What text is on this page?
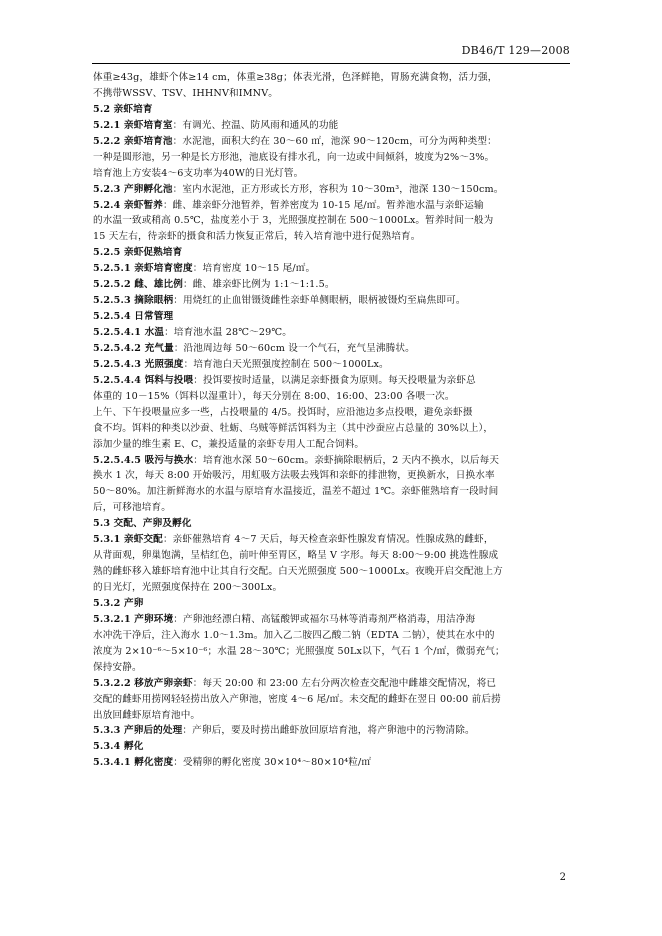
DB46/T 129—2008
体重≥43g，雄虾个体≥14 cm，体重≥38g；体表光滑，色泽鲜艳，胃肠充满食物，活力强，
不携带WSSV、TSV、IHHNV和IMNV。
5.2 亲虾培育
5.2.1 亲虾培育室：有调光、控温、防风雨和通风的功能
5.2.2 亲虾培育池：水泥池，面积大约在 30～60 ㎡，池深 90～120cm，可分为两种类型：
一种是圆形池，另一种是长方形池，池底设有排水孔，向一边或中间倾斜，坡度为2%～3%。
培育池上方安装4～6支功率为40W的日光灯管。
5.2.3 产卵孵化池：室内水泥池，正方形或长方形，容积为 10～30m³，池深 130～150cm。
5.2.4 亲虾暂养：雌、雄亲虾分池暂养，暂养密度为 10-15 尾/㎡。暂养池水温与亲虾运输
的水温一致或稍高 0.5℃，盐度差小于 3，光照强度控制在 500～1000Lx。暂养时间一般为
15 天左右，待亲虾的摄食和活力恢复正常后，转入培育池中进行促熟培育。
5.2.5 亲虾促熟培育
5.2.5.1 亲虾培育密度：培育密度 10～15 尾/㎡。
5.2.5.2 雌、雄比例：雌、雄亲虾比例为 1:1～1:1.5。
5.2.5.3 摘除眼柄：用烧红的止血钳镊烫雌性亲虾单侧眼柄，眼柄被镊灼至扁焦即可。
5.2.5.4 日常管理
5.2.5.4.1 水温：培育池水温 28℃～29℃。
5.2.5.4.2 充气量：沿池周边每 50～60cm 设一个气石，充气呈沸腾状。
5.2.5.4.3 光照强度：培育池白天光照强度控制在 500～1000Lx。
5.2.5.4.4 饵料与投喂：投饵要按时适量，以满足亲虾摄食为原则。每天投喂量为亲虾总
体重的 10－15%（饵料以湿重计），每天分别在 8:00、16:00、23:00 各喂一次。
上午、下午投喂量应多一些，占投喂量的 4/5。投饵时，应沿池边多点投喂，避免亲虾摄
食不均。饵料的种类以沙蚕、牡蛎、乌贼等鲜活饵料为主（其中沙蚕应占总量的 30%以上），
添加少量的维生素 E、C，兼投适量的亲虾专用人工配合饲料。
5.2.5.4.5 吸污与换水：培育池水深 50～60cm。亲虾摘除眼柄后，2 天内不换水，以后每天
换水 1 次，每天 8:00 开始吸污，用虹吸方法吸去残饵和亲虾的排泄物，更换新水，日换水率
50～80%。加注新鲜海水的水温与原培育水温接近，温差不超过 1℃。亲虾催熟培育一段时间
后，可移池培育。
5.3 交配、产卵及孵化
5.3.1 亲虾交配：亲虾催熟培育 4～7 天后，每天检查亲虾性腺发育情况。性腺成熟的雌虾，
从背面观，卵巢饱满，呈桔红色，前叶伸至胃区，略呈 V 字形。每天 8:00～9:00 挑选性腺成
熟的雌虾移入雄虾培育池中让其自行交配。白天光照强度 500～1000Lx。夜晚开启交配池上方
的日光灯，光照强度保持在 200～300Lx。
5.3.2 产卵
5.3.2.1 产卵环境：产卵池经漂白精、高锰酸钾或福尔马林等消毒剂严格消毒，用洁净海
水冲洗干净后，注入海水 1.0～1.3m。加入乙二胺四乙酸二钠（EDTA 二钠），使其在水中的
浓度为 2×10⁻⁶～5×10⁻⁶；水温 28～30℃；光照强度 50Lx以下，气石 1 个/㎡，微弱充气；
保持安静。
5.3.2.2 移放产卵亲虾：每天 20:00 和 23:00 左右分两次检查交配池中雌雄交配情况，将已
交配的雌虾用捞网轻轻捞出放入产卵池，密度 4～6 尾/㎡。未交配的雌虾在翌日 00:00 前后捞
出放回雌虾原培育池中。
5.3.3 产卵后的处理：产卵后，要及时捞出雌虾放回原培育池，将产卵池中的污物清除。
5.3.4 孵化
5.3.4.1 孵化密度：受精卵的孵化密度 30×10⁴～80×10⁴粒/㎡
2
